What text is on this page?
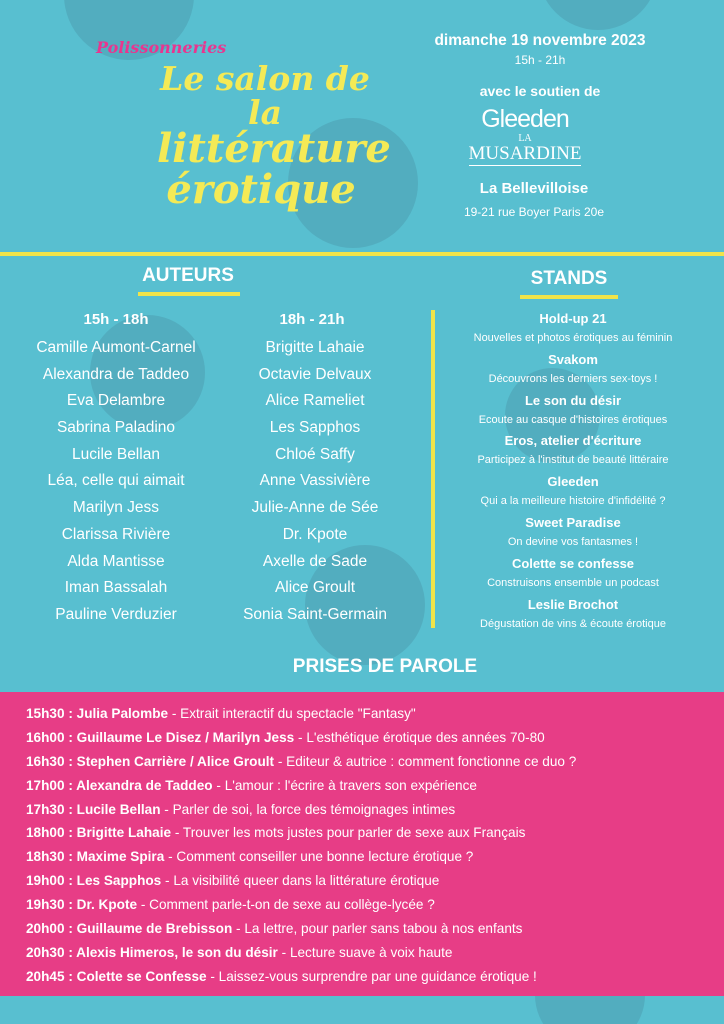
Polissonneries
Le salon de la
littérature
érotique
dimanche 19 novembre 2023
15h - 21h
avec le soutien de
Gleeden
LA
MUSARDINE
La Bellevilloise
19-21 rue Boyer Paris 20e
AUTEURS
15h - 18h
Camille Aumont-Carnel
Alexandra de Taddeo
Eva Delambre
Sabrina Paladino
Lucile Bellan
Léa, celle qui aimait
Marilyn Jess
Clarissa Rivière
Alda Mantisse
Iman Bassalah
Pauline Verduzier
18h - 21h
Brigitte Lahaie
Octavie Delvaux
Alice Rameliet
Les Sapphos
Chloé Saffy
Anne Vassivière
Julie-Anne de Sée
Dr. Kpote
Axelle de Sade
Alice Groult
Sonia Saint-Germain
STANDS
Hold-up 21
Nouvelles et photos érotiques au féminin
Svakom
Découvrons les derniers sex-toys !
Le son du désir
Ecoute au casque d'histoires érotiques
Eros, atelier d'écriture
Participez à l'institut de beauté littéraire
Gleeden
Qui a la meilleure histoire d'infidélité ?
Sweet Paradise
On devine vos fantasmes !
Colette se confesse
Construisons ensemble un podcast
Leslie Brochot
Dégustation de vins & écoute érotique
PRISES DE PAROLE
15h30 : Julia Palombe - Extrait interactif du spectacle "Fantasy"
16h00 : Guillaume Le Disez / Marilyn Jess - L'esthétique érotique des années 70-80
16h30 : Stephen Carrière / Alice Groult - Editeur & autrice : comment fonctionne ce duo ?
17h00 : Alexandra de Taddeo - L'amour : l'écrire à travers son expérience
17h30 : Lucile Bellan - Parler de soi, la force des témoignages intimes
18h00 : Brigitte Lahaie - Trouver les mots justes pour parler de sexe aux Français
18h30 : Maxime Spira - Comment conseiller une bonne lecture érotique ?
19h00 : Les Sapphos - La visibilité queer dans la littérature érotique
19h30 : Dr. Kpote - Comment parle-t-on de sexe au collège-lycée ?
20h00 : Guillaume de Brebisson - La lettre, pour parler sans tabou à nos enfants
20h30 : Alexis Himeros, le son du désir - Lecture suave à voix haute
20h45 : Colette se Confesse - Laissez-vous surprendre par une guidance érotique !
